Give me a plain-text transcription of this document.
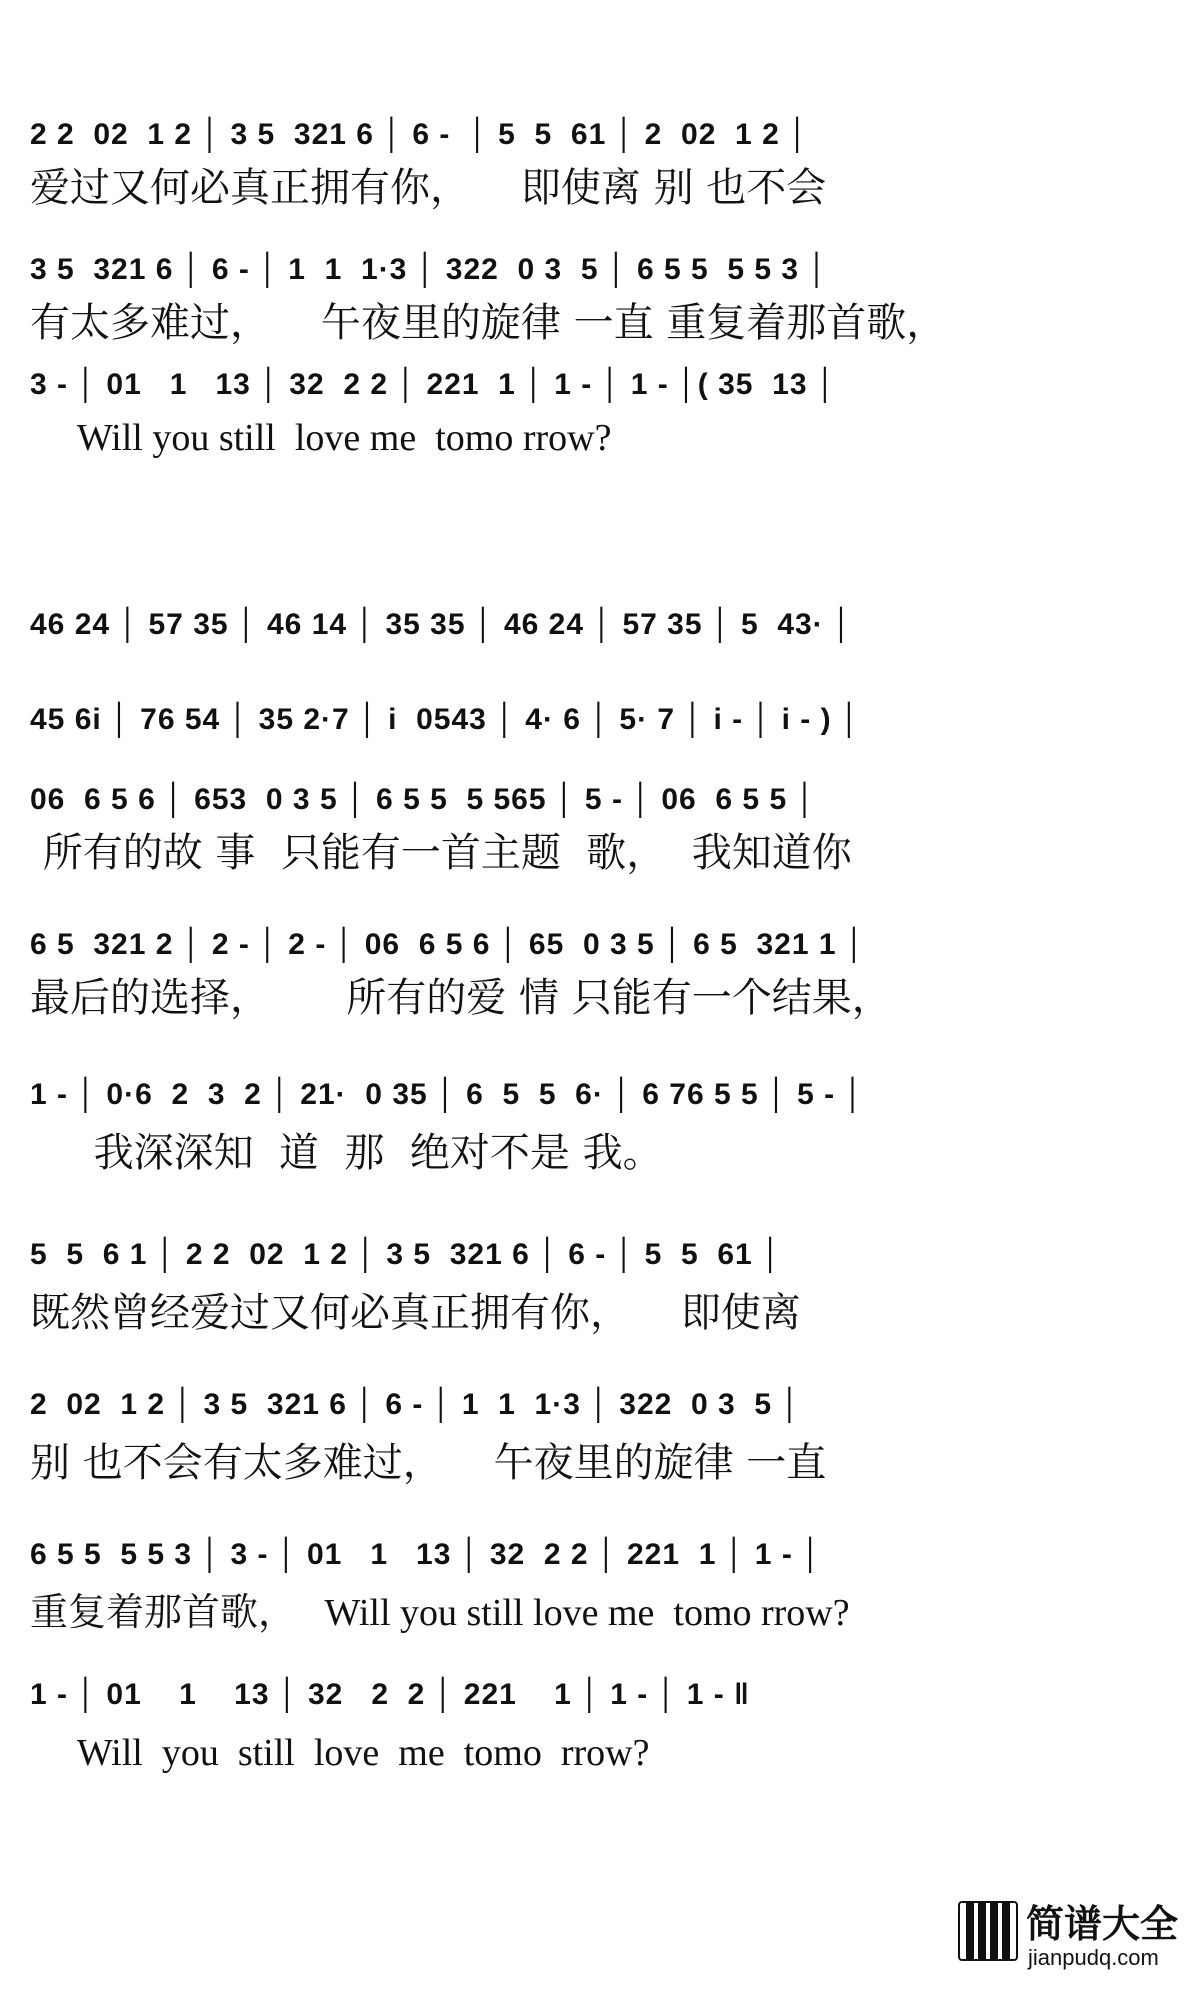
2 2  02  1 2 │ 3 5  321 6 │ 6 -  │ 5  5  61 │ 2  02  1 2 │
爱过又何必真正拥有你，    即使离 别 也不会
3 5  321 6 │ 6 - │ 1  1  1·3 │ 322  0 3  5 │ 6 5 5  5 5 3 │
有太多难过，    午夜里的旋律 一直 重复着那首歌，
3 - │ 01   1   13 │ 32  2 2 │ 221  1 │ 1 - │ 1 - │( 35  13 │
Will you still  love me  tomo rrow?
46 24 │ 57 35 │ 46 14 │ 35 35 │ 46 24 │ 57 35 │ 5  43· │
45 6i │ 76 54 │ 35 2·7 │ i  0543 │ 4· 6 │ 5· 7 │ i - │ i - ) │
06  6 5 6 │ 653  0 3 5 │ 6 5 5  5 565 │ 5 - │ 06  6 5 5 │
所有的故 事  只能有一首主题  歌，  我知道你
6 5  321 2 │ 2 - │ 2 - │ 06  6 5 6 │ 65  0 3 5 │ 6 5  321 1 │
最后的选择，      所有的爱 情 只能有一个结果，
1 - │ 0·6  2  3  2 │ 21·  0 35 │ 6  5  5  6· │ 6 76 5 5 │ 5 - │
我深深知  道  那  绝对不是 我。
5  5  6 1 │ 2 2  02  1 2 │ 3 5  321 6 │ 6 - │ 5  5  61 │
既然曾经爱过又何必真正拥有你，    即使离
2  02  1 2 │ 3 5  321 6 │ 6 - │ 1  1  1·3 │ 322  0 3  5 │
别 也不会有太多难过，    午夜里的旋律 一直
6 5 5  5 5 3 │ 3 - │ 01   1   13 │ 32  2 2 │ 221  1 │ 1 - │
重复着那首歌，   Will you still love me  tomo rrow?
1 - │ 01    1    13 │ 32   2  2 │ 221    1 │ 1 - │ 1 - ‖
Will  you  still  love  me  tomo  rrow?
简谱大全
jianpudq.com
